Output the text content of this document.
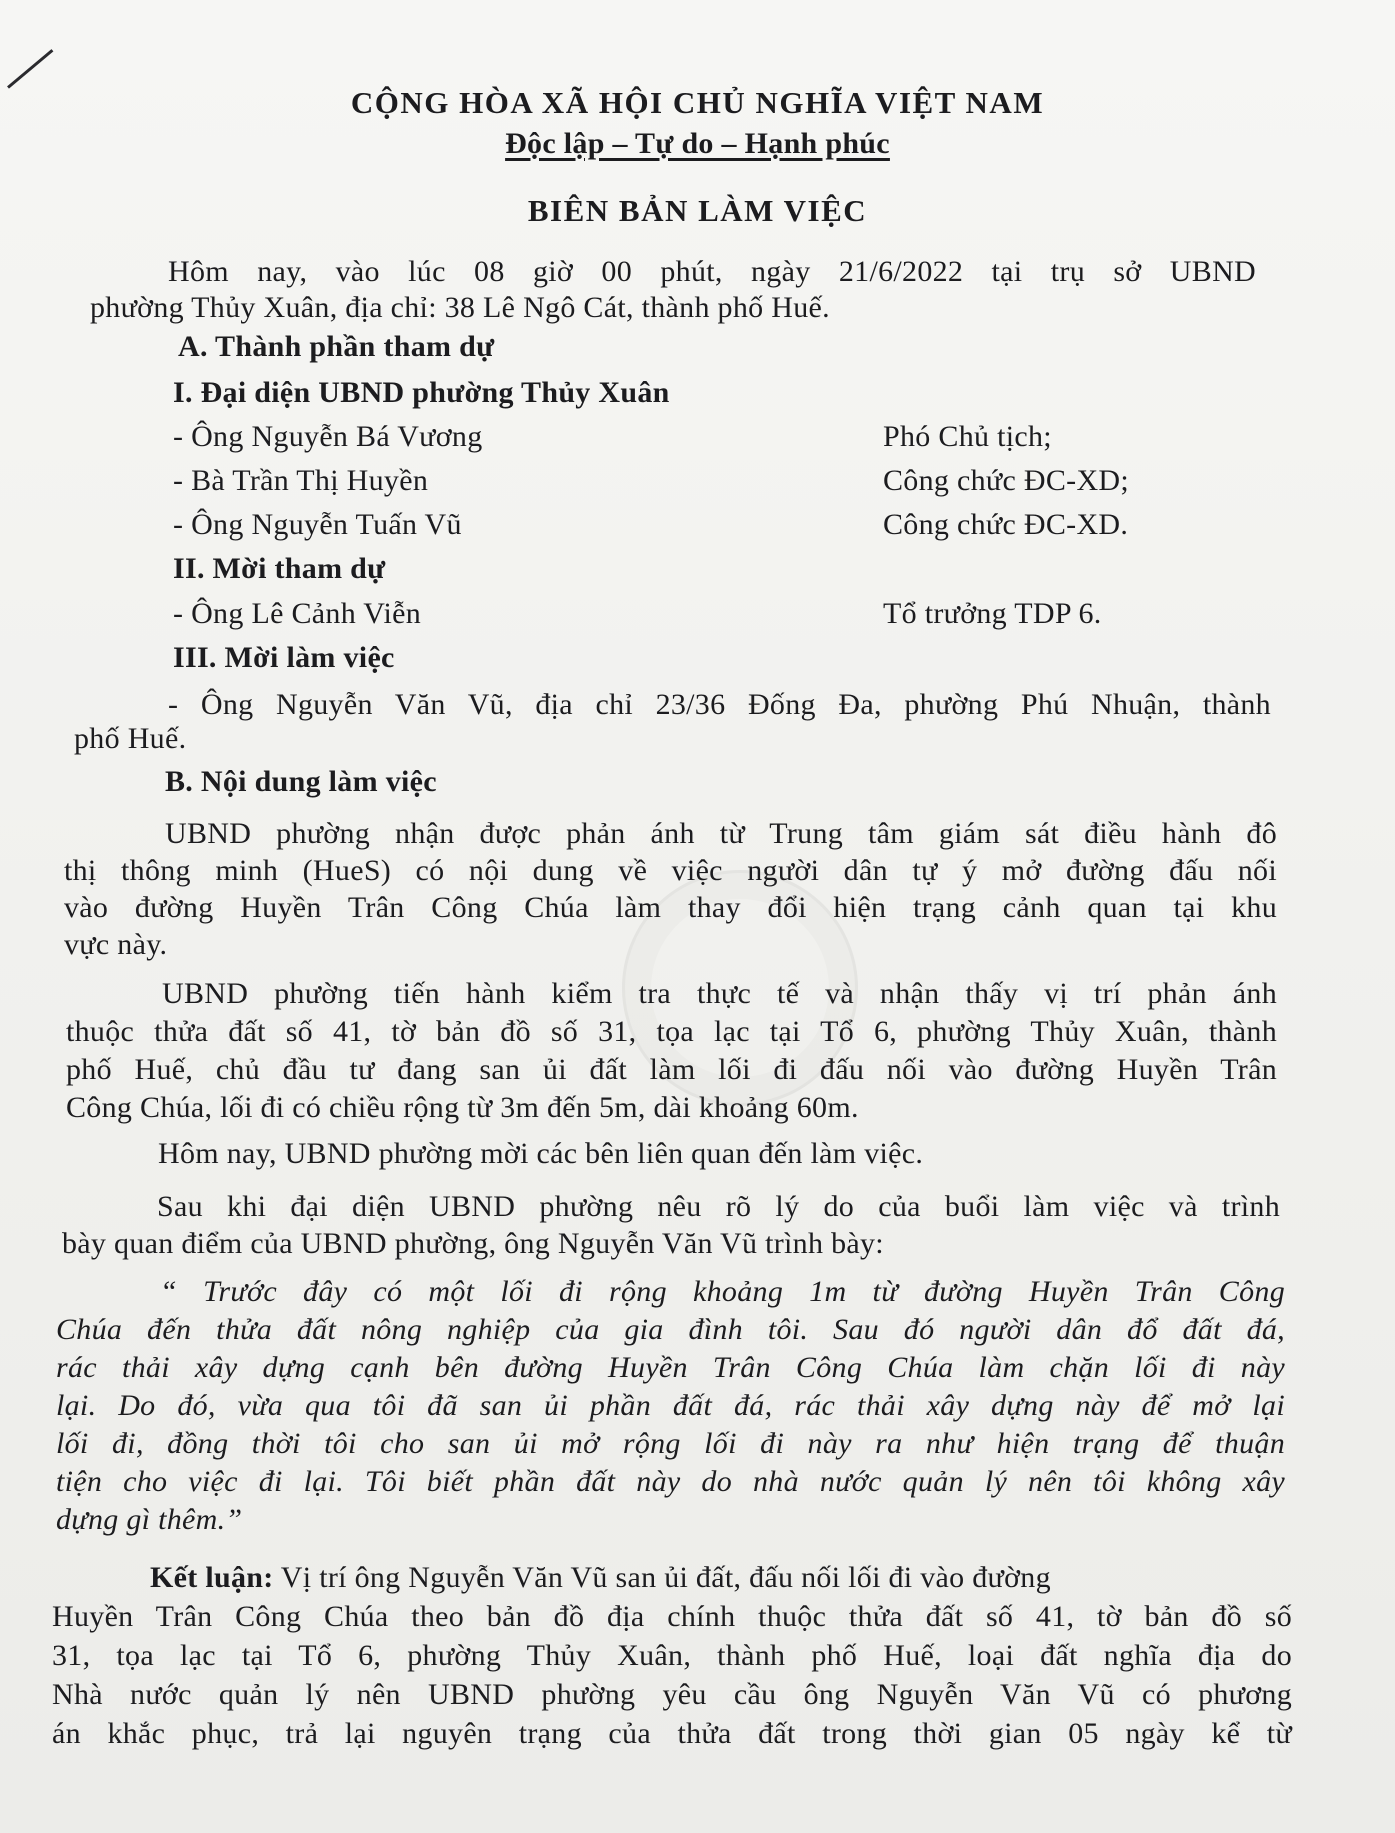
CỘNG HÒA XÃ HỘI CHỦ NGHĨA VIỆT NAM
Độc lập – Tự do – Hạnh phúc
BIÊN BẢN LÀM VIỆC
Hôm nay, vào lúc 08 giờ 00 phút, ngày 21/6/2022 tại trụ sở UBND
phường Thủy Xuân, địa chỉ: 38 Lê Ngô Cát, thành phố Huế.
A. Thành phần tham dự
I. Đại diện UBND phường Thủy Xuân
- Ông Nguyễn Bá Vương	Phó Chủ tịch;
- Bà Trần Thị Huyền	Công chức ĐC-XD;
- Ông Nguyễn Tuấn Vũ	Công chức ĐC-XD.
II. Mời tham dự
- Ông Lê Cảnh Viễn	Tổ trưởng TDP 6.
III. Mời làm việc
- Ông Nguyễn Văn Vũ, địa chỉ 23/36 Đống Đa, phường Phú Nhuận, thành
phố Huế.
B. Nội dung làm việc
UBND phường nhận được phản ánh từ Trung tâm giám sát điều hành đô
thị thông minh (HueS) có nội dung về việc người dân tự ý mở đường đấu nối
vào đường Huyền Trân Công Chúa làm thay đổi hiện trạng cảnh quan tại khu
vực này.
UBND phường tiến hành kiểm tra thực tế và nhận thấy vị trí phản ánh
thuộc thửa đất số 41, tờ bản đồ số 31, tọa lạc tại Tổ 6, phường Thủy Xuân, thành
phố Huế, chủ đầu tư đang san ủi đất làm lối đi đấu nối vào đường Huyền Trân
Công Chúa, lối đi có chiều rộng từ 3m đến 5m, dài khoảng 60m.
Hôm nay, UBND phường mời các bên liên quan đến làm việc.
Sau khi đại diện UBND phường nêu rõ lý do của buổi làm việc và trình
bày quan điểm của UBND phường, ông Nguyễn Văn Vũ trình bày:
“ Trước đây có một lối đi rộng khoảng 1m từ đường Huyền Trân Công
Chúa đến thửa đất nông nghiệp của gia đình tôi. Sau đó người dân đổ đất đá,
rác thải xây dựng cạnh bên đường Huyền Trân Công Chúa làm chặn lối đi này
lại. Do đó, vừa qua tôi đã san ủi phần đất đá, rác thải xây dựng này để mở lại
lối đi, đồng thời tôi cho san ủi mở rộng lối đi này ra như hiện trạng để thuận
tiện cho việc đi lại. Tôi biết phần đất này do nhà nước quản lý nên tôi không xây
dựng gì thêm.”
Kết luận: Vị trí ông Nguyễn Văn Vũ san ủi đất, đấu nối lối đi vào đường
Huyền Trân Công Chúa theo bản đồ địa chính thuộc thửa đất số 41, tờ bản đồ số
31, tọa lạc tại Tổ 6, phường Thủy Xuân, thành phố Huế, loại đất nghĩa địa do
Nhà nước quản lý nên UBND phường yêu cầu ông Nguyễn Văn Vũ có phương
án khắc phục, trả lại nguyên trạng của thửa đất trong thời gian 05 ngày kể từ
